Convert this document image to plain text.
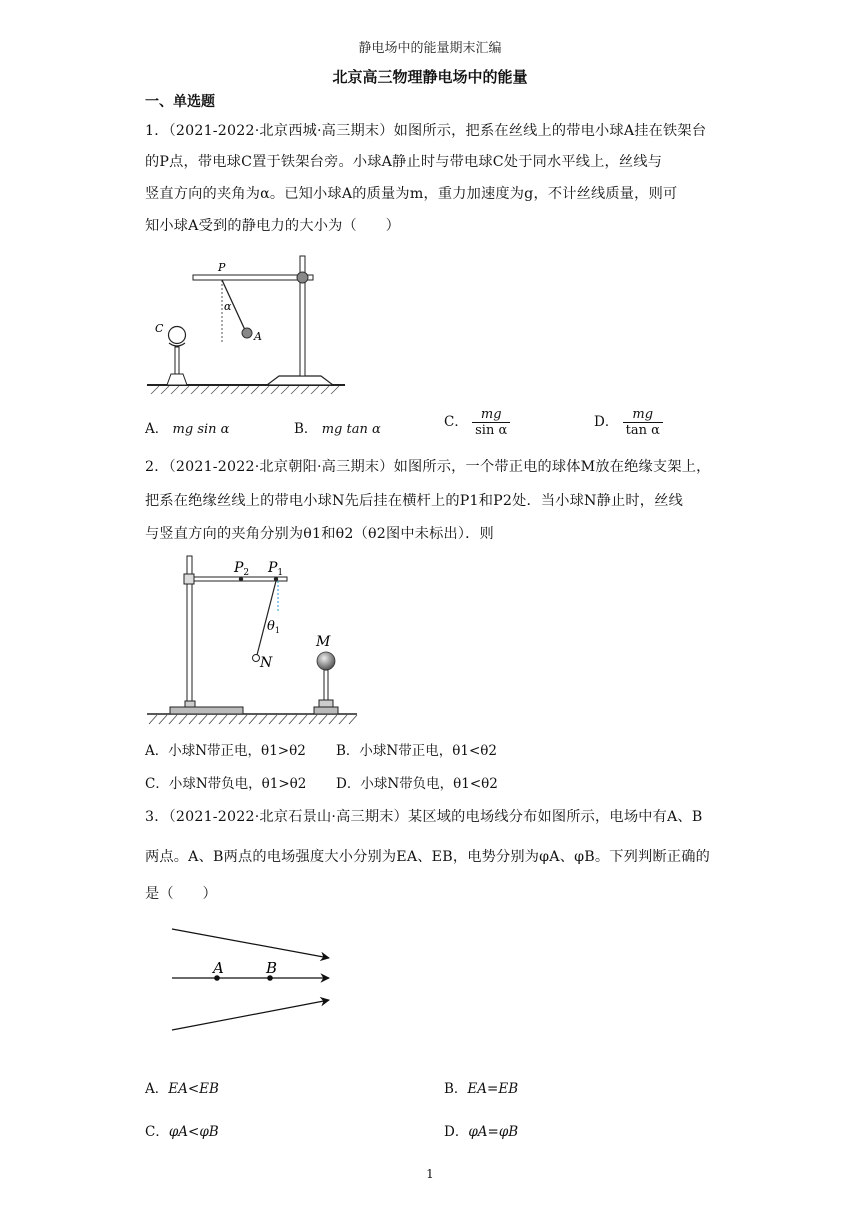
静电场中的能量期末汇编
北京高三物理静电场中的能量
一、单选题
1．（2021-2022·北京西城·高三期末）如图所示，把系在丝线上的带电小球A挂在铁架台
的P点，带电球C置于铁架台旁。小球A静止时与带电球C处于同水平线上，丝线与
竖直方向的夹角为α。已知小球A的质量为m，重力加速度为g，不计丝线质量，则可
知小球A受到的静电力的大小为（　　）
P
α
A
C
A． mg sin α	B． mg tan α	C． $\frac{mg}{\text{sin α}}$	D． $\frac{mg}{\text{tan α}}$
2．（2021-2022·北京朝阳·高三期末）如图所示，一个带正电的球体M放在绝缘支架上，
把系在绝缘丝线上的带电小球N先后挂在横杆上的P1和P2处．当小球N静止时，丝线
与竖直方向的夹角分别为θ1和θ2（θ2图中未标出）．则
$P_2$ $P_1$
$\theta_1$
N
M
A．小球N带正电，θ1>θ2 B．小球N带正电，θ1<θ2
C．小球N带负电，θ1>θ2 D．小球N带负电，θ1<θ2
3．（2021-2022·北京石景山·高三期末）某区域的电场线分布如图所示，电场中有A、B
两点。A、B两点的电场强度大小分别为EA、EB，电势分别为φA、φB。下列判断正确的
是（　　）
A	B
A．EA<EB	B．EA=EB
C．φA<φB	D．φA=φB
1
